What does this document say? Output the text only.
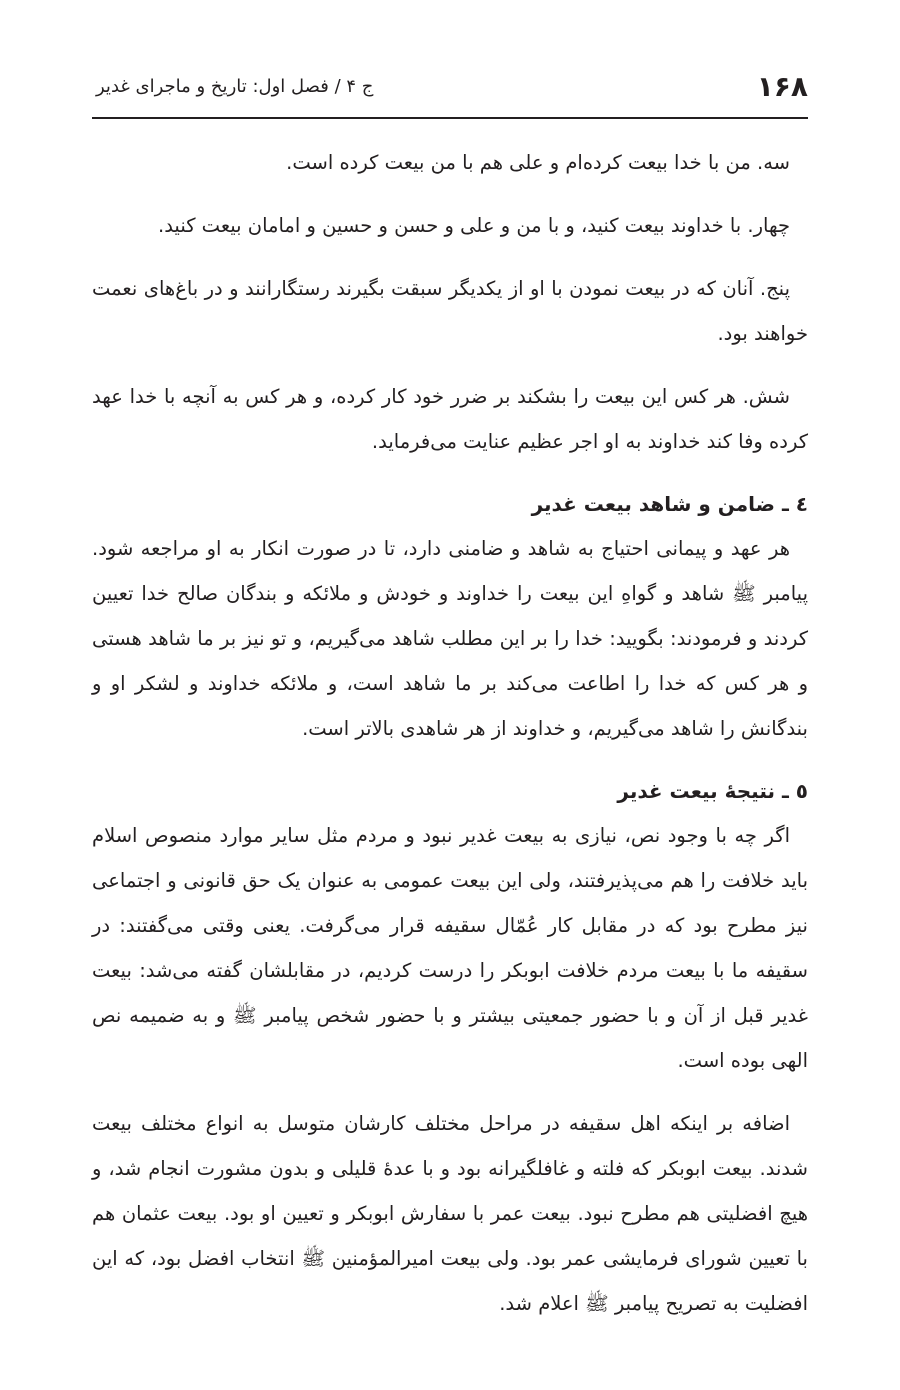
۱۶۸
ج ۴ / فصل اول: تاریخ و ماجرای غدیر

سه. من با خدا بیعت کرده‌ام و علی هم با من بیعت کرده است.

چهار. با خداوند بیعت کنید، و با من و علی و حسن و حسین و امامان بیعت کنید.

پنج. آنان که در بیعت نمودن با او از یکدیگر سبقت بگیرند رستگارانند و در باغ‌های نعمت خواهند بود.

شش. هر کس این بیعت را بشکند بر ضرر خود کار کرده، و هر کس به آنچه با خدا عهد کرده وفا کند خداوند به او اجر عظیم عنایت می‌فرماید.

٤ ـ ضامن و شاهد بیعت غدیر

هر عهد و پیمانی احتیاج به شاهد و ضامنی دارد، تا در صورت انکار به او مراجعه شود. پیامبر ﷺ شاهد و گواهِ این بیعت را خداوند و خودش و ملائکه و بندگان صالح خدا تعیین کردند و فرمودند: بگویید: خدا را بر این مطلب شاهد می‌گیریم، و تو نیز بر ما شاهد هستی و هر کس که خدا را اطاعت می‌کند بر ما شاهد است، و ملائکه خداوند و لشکر او و بندگانش را شاهد می‌گیریم، و خداوند از هر شاهدی بالاتر است.

٥ ـ نتیجۀ بیعت غدیر

اگر چه با وجود نص، نیازی به بیعت غدیر نبود و مردم مثل سایر موارد منصوص اسلام باید خلافت را هم می‌پذیرفتند، ولی این بیعت عمومی به عنوان یک حق قانونی و اجتماعی نیز مطرح بود که در مقابل کار عُمّال سقیفه قرار می‌گرفت. یعنی وقتی می‌گفتند: در سقیفه ما با بیعت مردم خلافت ابوبکر را درست کردیم، در مقابلشان گفته می‌شد: بیعت غدیر قبل از آن و با حضور جمعیتی بیشتر و با حضور شخص پیامبر ﷺ و به ضمیمه نص الهی بوده است.

اضافه بر اینکه اهل سقیفه در مراحل مختلف کارشان متوسل به انواع مختلف بیعت شدند. بیعت ابوبکر که فلته و غافلگیرانه بود و با عدۀ قلیلی و بدون مشورت انجام شد، و هیچ افضلیتی هم مطرح نبود. بیعت عمر با سفارش ابوبکر و تعیین او بود. بیعت عثمان هم با تعیین شورای فرمایشی عمر بود. ولی بیعت امیرالمؤمنین ﷺ انتخاب افضل بود، که این افضلیت به تصریح پیامبر ﷺ اعلام شد.
